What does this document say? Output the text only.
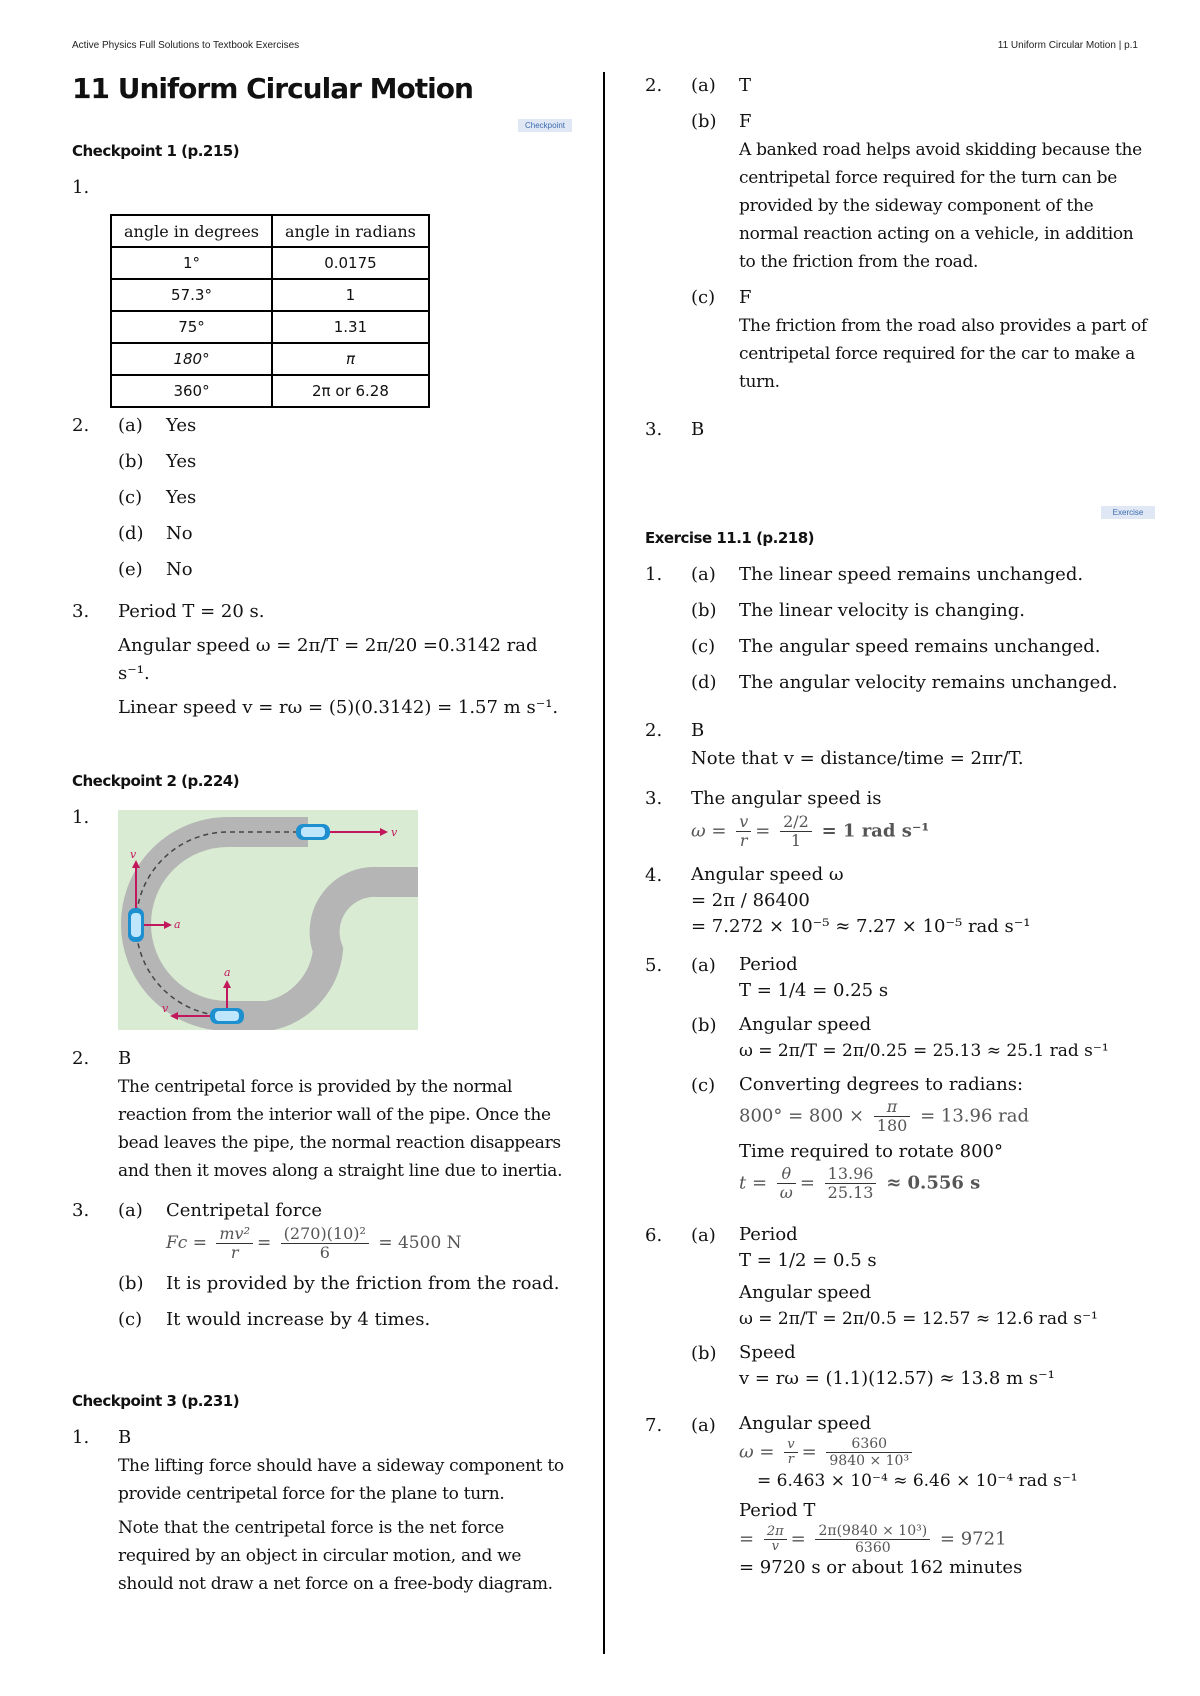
Active Physics Full Solutions to Textbook Exercises	11 Uniform Circular Motion | p.1
11 Uniform Circular Motion
Checkpoint
Checkpoint 1 (p.215)
1.
angle in degrees	angle in radians
1°	0.0175
57.3°	1
75°	1.31
180°	π
360°	2π or 6.28
2.	(a)	Yes
(b)	Yes
(c)	Yes
(d)	No
(e)	No
3.	Period T = 20 s.
Angular speed ω = 2π/T = 2π/20 =0.3142 rad s⁻¹.
Linear speed v = rω = (5)(0.3142) = 1.57 m s⁻¹.
Checkpoint 2 (p.224)
1.
v
v
a
v
a
2.	B
The centripetal force is provided by the normal reaction from the interior wall of the pipe. Once the bead leaves the pipe, the normal reaction disappears and then it moves along a straight line due to inertia.
3.	(a)	Centripetal force
$Fc = \frac{\text{mv²}}{r} = \frac{\text{(270)(10)²}}{6} = 4500$ N
(b)	It is provided by the friction from the road.
(c)	It would increase by 4 times.
Checkpoint 3 (p.231)
1.	B
The lifting force should have a sideway component to provide centripetal force for the plane to turn.
Note that the centripetal force is the net force required by an object in circular motion, and we should not draw a net force on a free-body diagram.
2.	(a)	T
(b)	F
A banked road helps avoid skidding because the centripetal force required for the turn can be provided by the sideway component of the normal reaction acting on a vehicle, in addition to the friction from the road.
(c)	F
The friction from the road also provides a part of centripetal force required for the car to make a turn.
3.	B
Exercise
Exercise 11.1 (p.218)
1.	(a)	The linear speed remains unchanged.
(b)	The linear velocity is changing.
(c)	The angular speed remains unchanged.
(d)	The angular velocity remains unchanged.
2.	B
Note that v = distance/time = 2πr/T.
3.	The angular speed is
$\omega = \frac{v}{r} = \frac{2/2}{1} = 1$ rad s⁻¹
4.	Angular speed ω
= 2π / 86400
= 7.272 × 10⁻⁵ ≈ 7.27 × 10⁻⁵ rad s⁻¹
5.	(a)	Period
T = 1/4 = 0.25 s
(b)	Angular speed
ω = 2π/T = 2π/0.25 = 25.13 ≈ 25.1 rad s⁻¹
(c)	Converting degrees to radians:
$800^\circ = 800 \times \frac{\pi}{180} = 13.96$ rad
Time required to rotate 800°
$t = \frac{\theta}{\omega} = \frac{13.96}{25.13} \approx 0.556$ s
6.	(a)	Period
T = 1/2 = 0.5 s
Angular speed
ω = 2π/T = 2π/0.5 = 12.57 ≈ 12.6 rad s⁻¹
(b)	Speed
v = rω = (1.1)(12.57) ≈ 13.8 m s⁻¹
7.	(a)	Angular speed
$\omega = \frac{v}{r} = \frac{6360}{\text{9840 × 10³}}$
= 6.463 × 10⁻⁴ ≈ 6.46 × 10⁻⁴ rad s⁻¹
Period T
= $\frac{2\pi}{v} = \frac{\text{2π(9840 × 10³)}}{6360} = 9721$
= 9720 s or about 162 minutes
